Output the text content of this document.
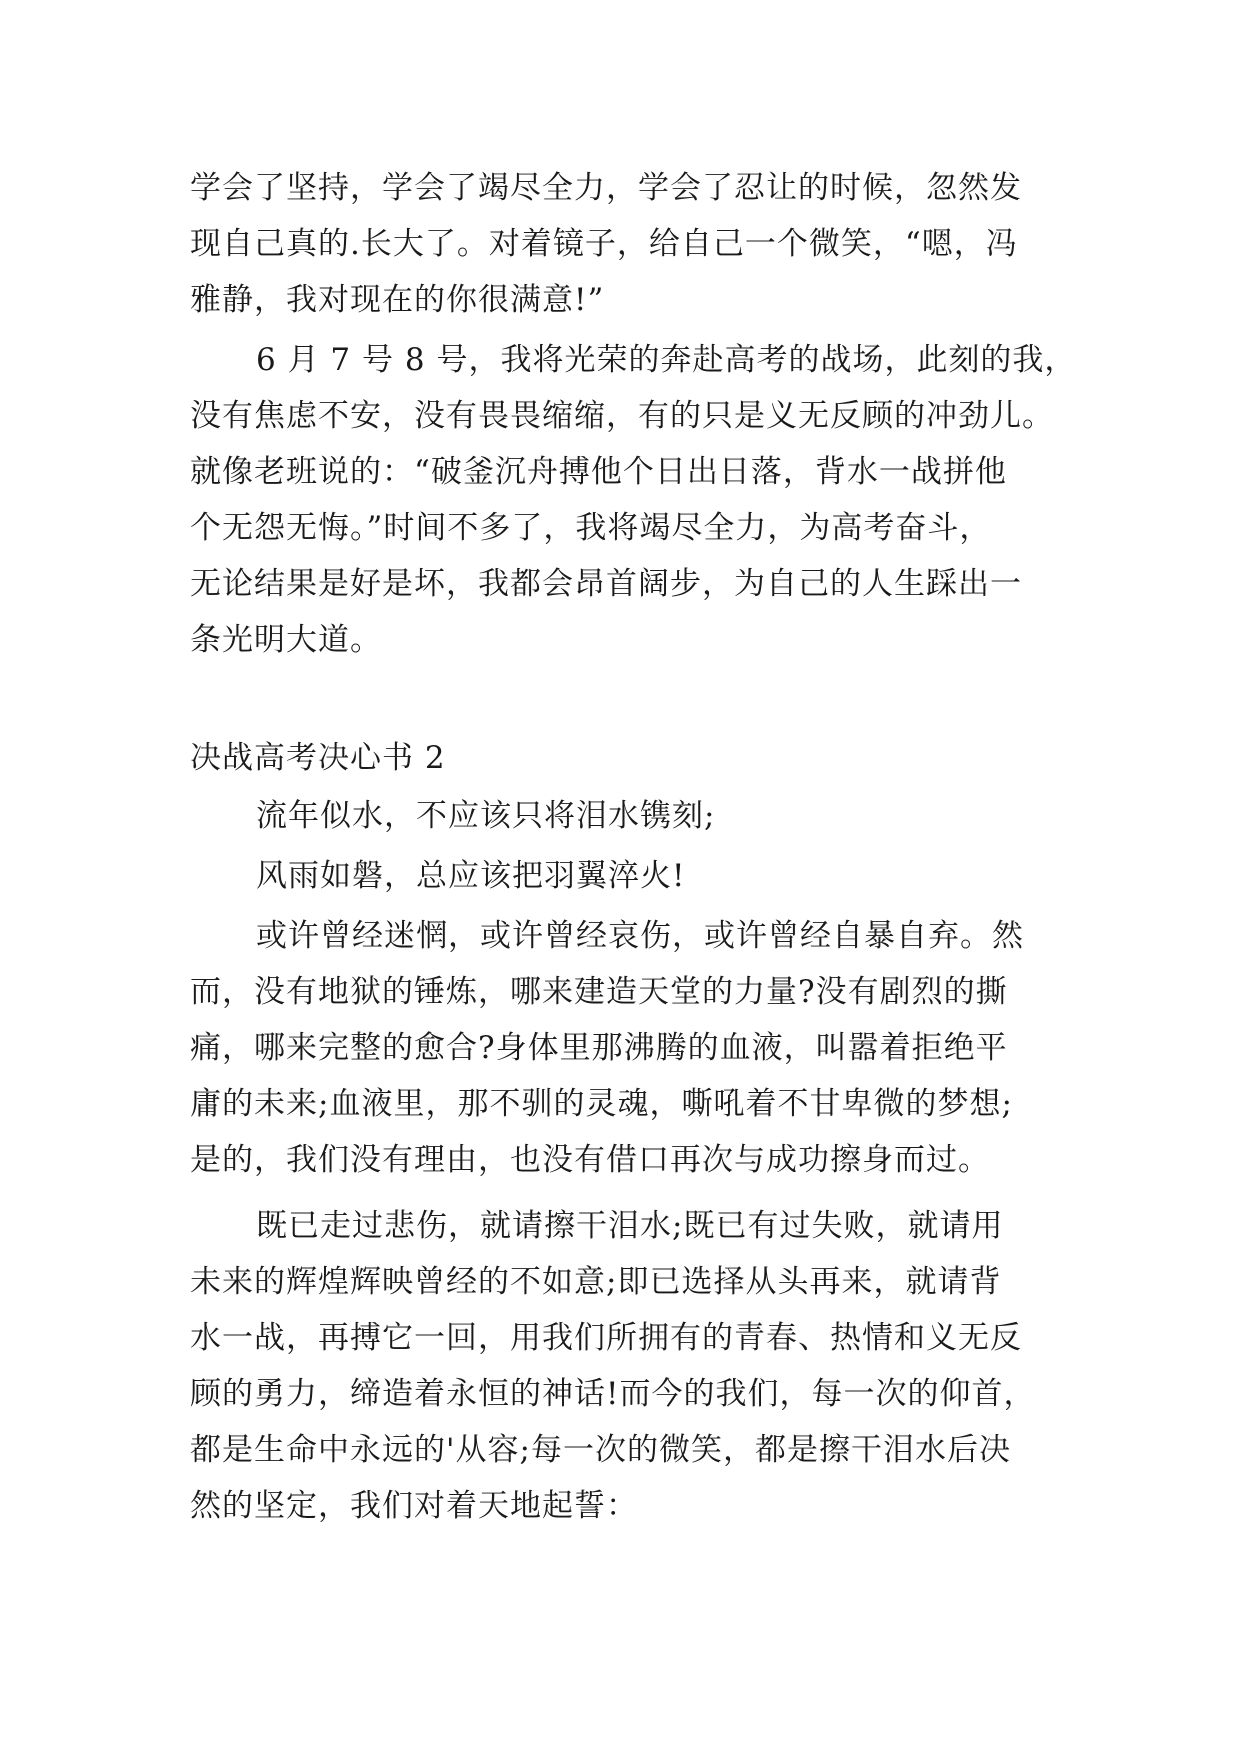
学会了坚持，学会了竭尽全力，学会了忍让的时候，忽然发
现自己真的.长大了。对着镜子，给自己一个微笑，“嗯，冯
雅静，我对现在的你很满意!”
6 月 7 号 8 号，我将光荣的奔赴高考的战场，此刻的我，
没有焦虑不安，没有畏畏缩缩，有的只是义无反顾的冲劲儿。
就像老班说的：“破釜沉舟搏他个日出日落，背水一战拼他
个无怨无悔。”时间不多了，我将竭尽全力，为高考奋斗，
无论结果是好是坏，我都会昂首阔步，为自己的人生踩出一
条光明大道。
决战高考决心书 2
流年似水，不应该只将泪水镌刻;
风雨如磐，总应该把羽翼淬火!
或许曾经迷惘，或许曾经哀伤，或许曾经自暴自弃。然
而，没有地狱的锤炼，哪来建造天堂的力量?没有剧烈的撕
痛，哪来完整的愈合?身体里那沸腾的血液，叫嚣着拒绝平
庸的未来;血液里，那不驯的灵魂，嘶吼着不甘卑微的梦想;
是的，我们没有理由，也没有借口再次与成功擦身而过。
既已走过悲伤，就请擦干泪水;既已有过失败，就请用
未来的辉煌辉映曾经的不如意;即已选择从头再来，就请背
水一战，再搏它一回，用我们所拥有的青春、热情和义无反
顾的勇力，缔造着永恒的神话!而今的我们，每一次的仰首，
都是生命中永远的'从容;每一次的微笑，都是擦干泪水后决
然的坚定，我们对着天地起誓：
